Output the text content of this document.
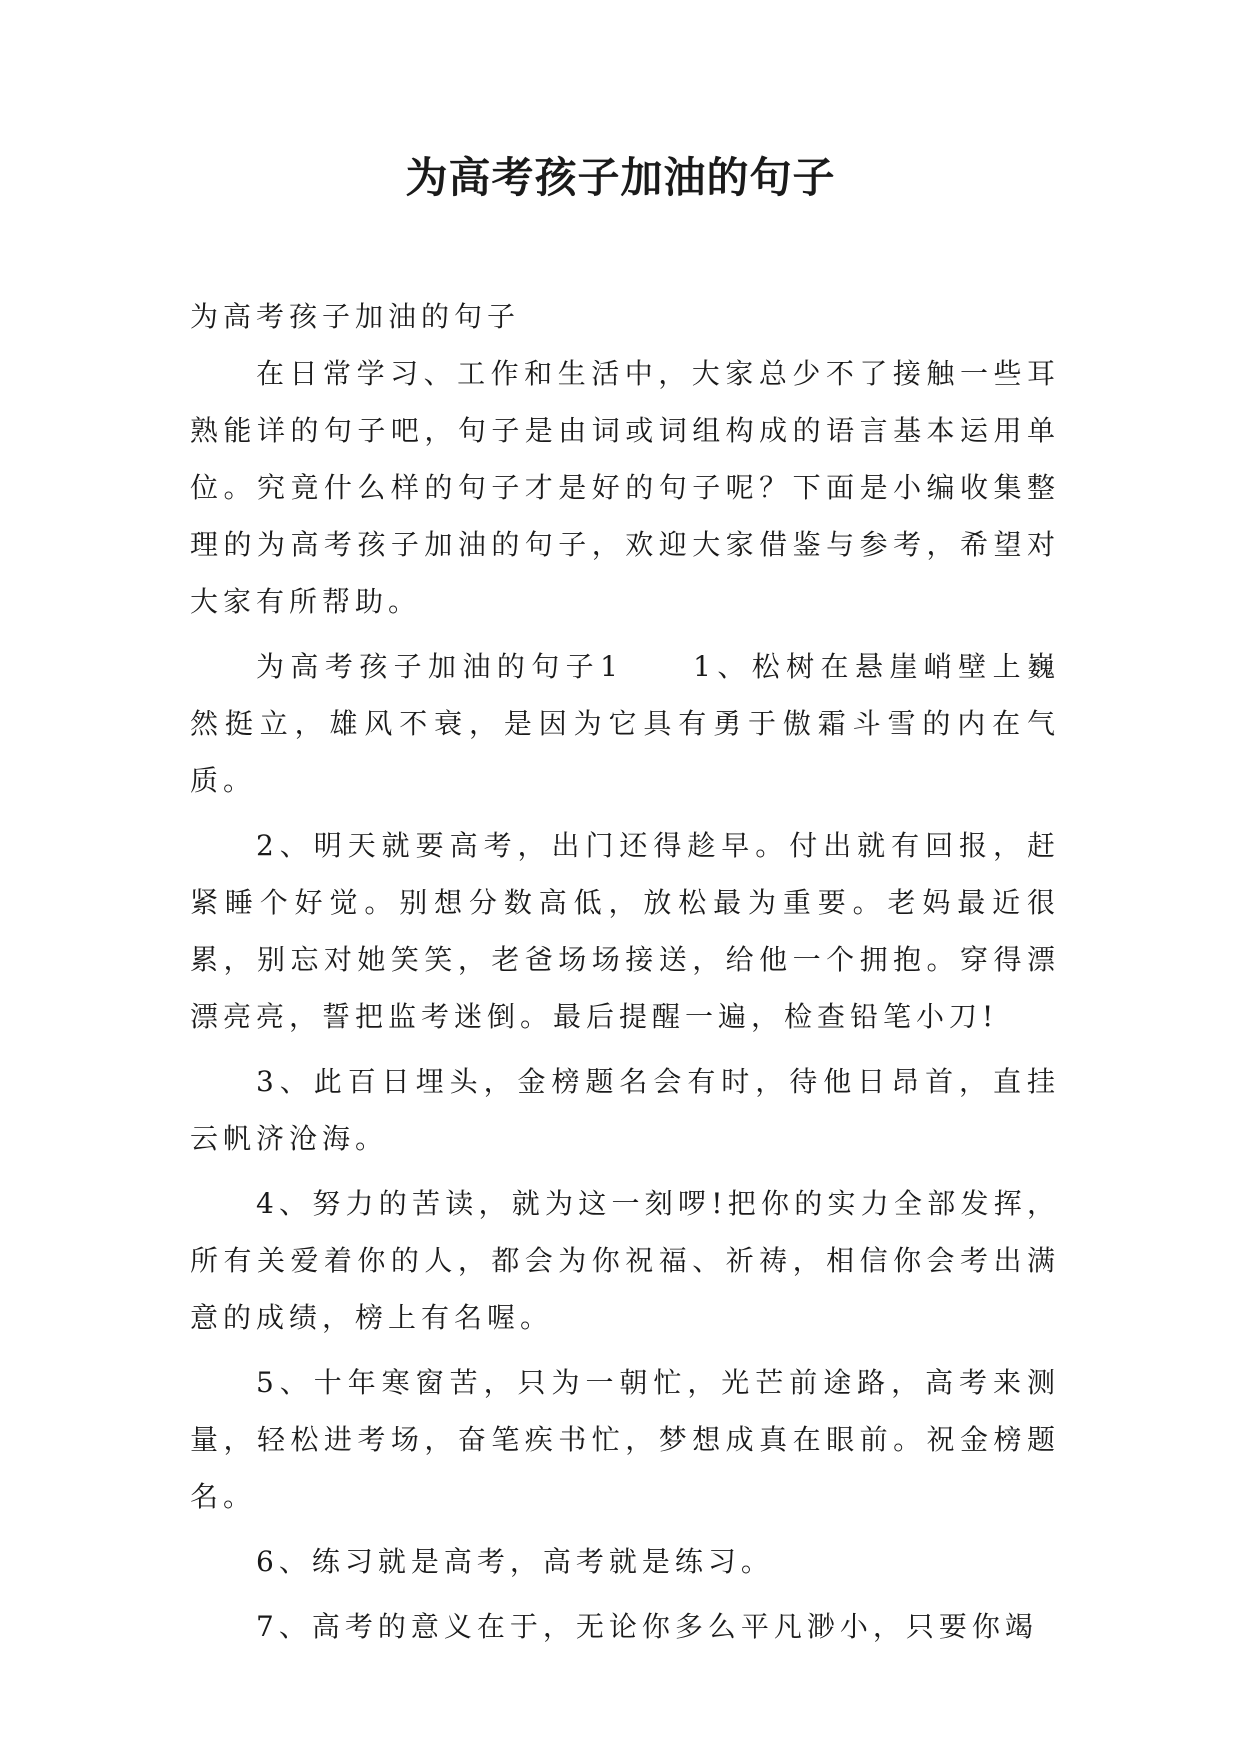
为高考孩子加油的句子

为高考孩子加油的句子

在日常学习、工作和生活中，大家总少不了接触一些耳熟能详的句子吧，句子是由词或词组构成的语言基本运用单位。究竟什么样的句子才是好的句子呢？下面是小编收集整理的为高考孩子加油的句子，欢迎大家借鉴与参考，希望对大家有所帮助。

为高考孩子加油的句子1　　1、松树在悬崖峭壁上巍然挺立，雄风不衰，是因为它具有勇于傲霜斗雪的内在气质。

2、明天就要高考，出门还得趁早。付出就有回报，赶紧睡个好觉。别想分数高低，放松最为重要。老妈最近很累，别忘对她笑笑，老爸场场接送，给他一个拥抱。穿得漂漂亮亮，誓把监考迷倒。最后提醒一遍，检查铅笔小刀!

3、此百日埋头，金榜题名会有时，待他日昂首，直挂云帆济沧海。

4、努力的苦读，就为这一刻啰!把你的实力全部发挥，所有关爱着你的人，都会为你祝福、祈祷，相信你会考出满意的成绩，榜上有名喔。

5、十年寒窗苦，只为一朝忙，光芒前途路，高考来测量，轻松进考场，奋笔疾书忙，梦想成真在眼前。祝金榜题名。

6、练习就是高考，高考就是练习。

7、高考的意义在于，无论你多么平凡渺小，只要你竭
